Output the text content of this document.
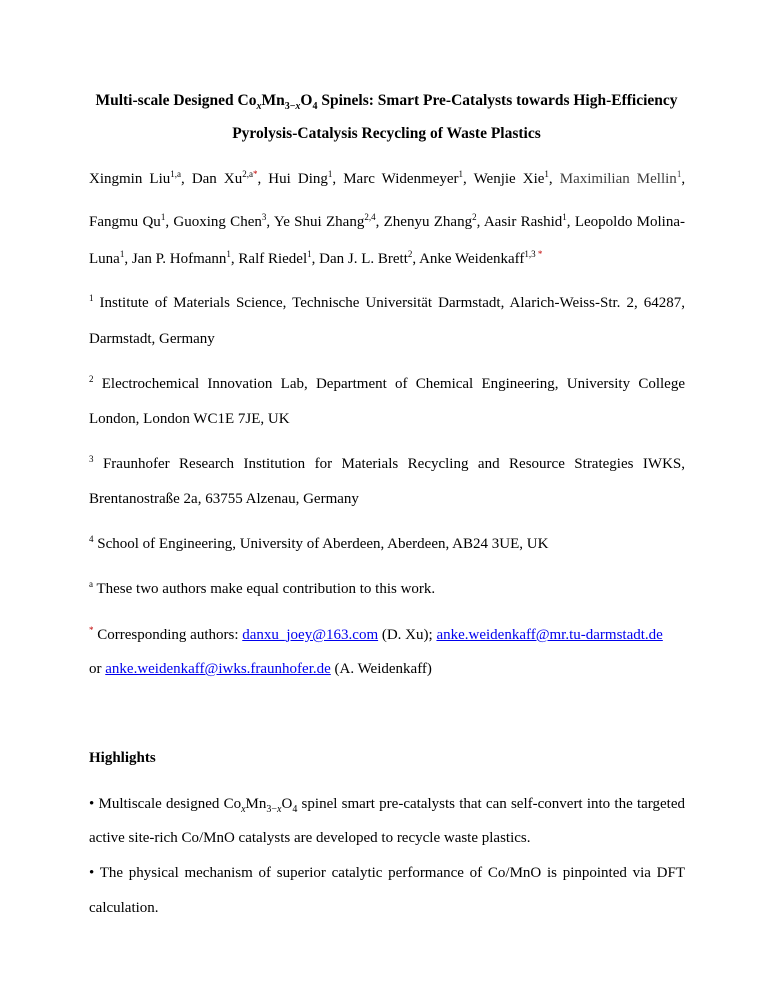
Multi-scale Designed $Co_xMn_{3-x}O_4$ Spinels: Smart Pre-Catalysts towards High-Efficiency
Pyrolysis-Catalysis Recycling of Waste Plastics
Xingmin Liu$^{1,a}$, Dan $Xu^{2,a*}$, Hui Ding$^1$, Marc Widenmeyer$^1$, Wenjie Xie$^1$, Maximilian Mellin$^1$,
Fangmu Qu$^1$, Guoxing Chen$^3$, Ye Shui Zhang$^{2,4}$, Zhenyu Zhang$^2$, Aasir Rashid$^1$, Leopoldo Molina-
Luna$^1$, Jan P. Hofmann$^1$, Ralf Riedel$^1$, Dan J. L. Brett$^2$, Anke Weidenkaff$^{1,3 *}$
$^1$ Institute of Materials Science, Technische Universität Darmstadt, Alarich-Weiss-Str. 2, 64287,
Darmstadt, Germany
$^2$ Electrochemical Innovation Lab, Department of Chemical Engineering, University College
London, London WC1E 7JE, UK
$^3$ Fraunhofer Research Institution for Materials Recycling and Resource Strategies IWKS,
Brentanostraße 2a, 63755 Alzenau, Germany
$^4$ School of Engineering, University of Aberdeen, Aberdeen, AB24 3UE, UK
$^a$ These two authors make equal contribution to this work.
* Corresponding authors: danxu_joey@163.com (D. Xu); anke.weidenkaff@mr.tu-darmstadt.de
or anke.weidenkaff@iwks.fraunhofer.de (A. Weidenkaff)
Highlights
• Multiscale designed $Co_xMn_{3-x}O_4$ spinel smart pre-catalysts that can self-convert into the targeted
active site-rich Co/MnO catalysts are developed to recycle waste plastics.
• The physical mechanism of superior catalytic performance of Co/MnO is pinpointed via DFT
calculation.
